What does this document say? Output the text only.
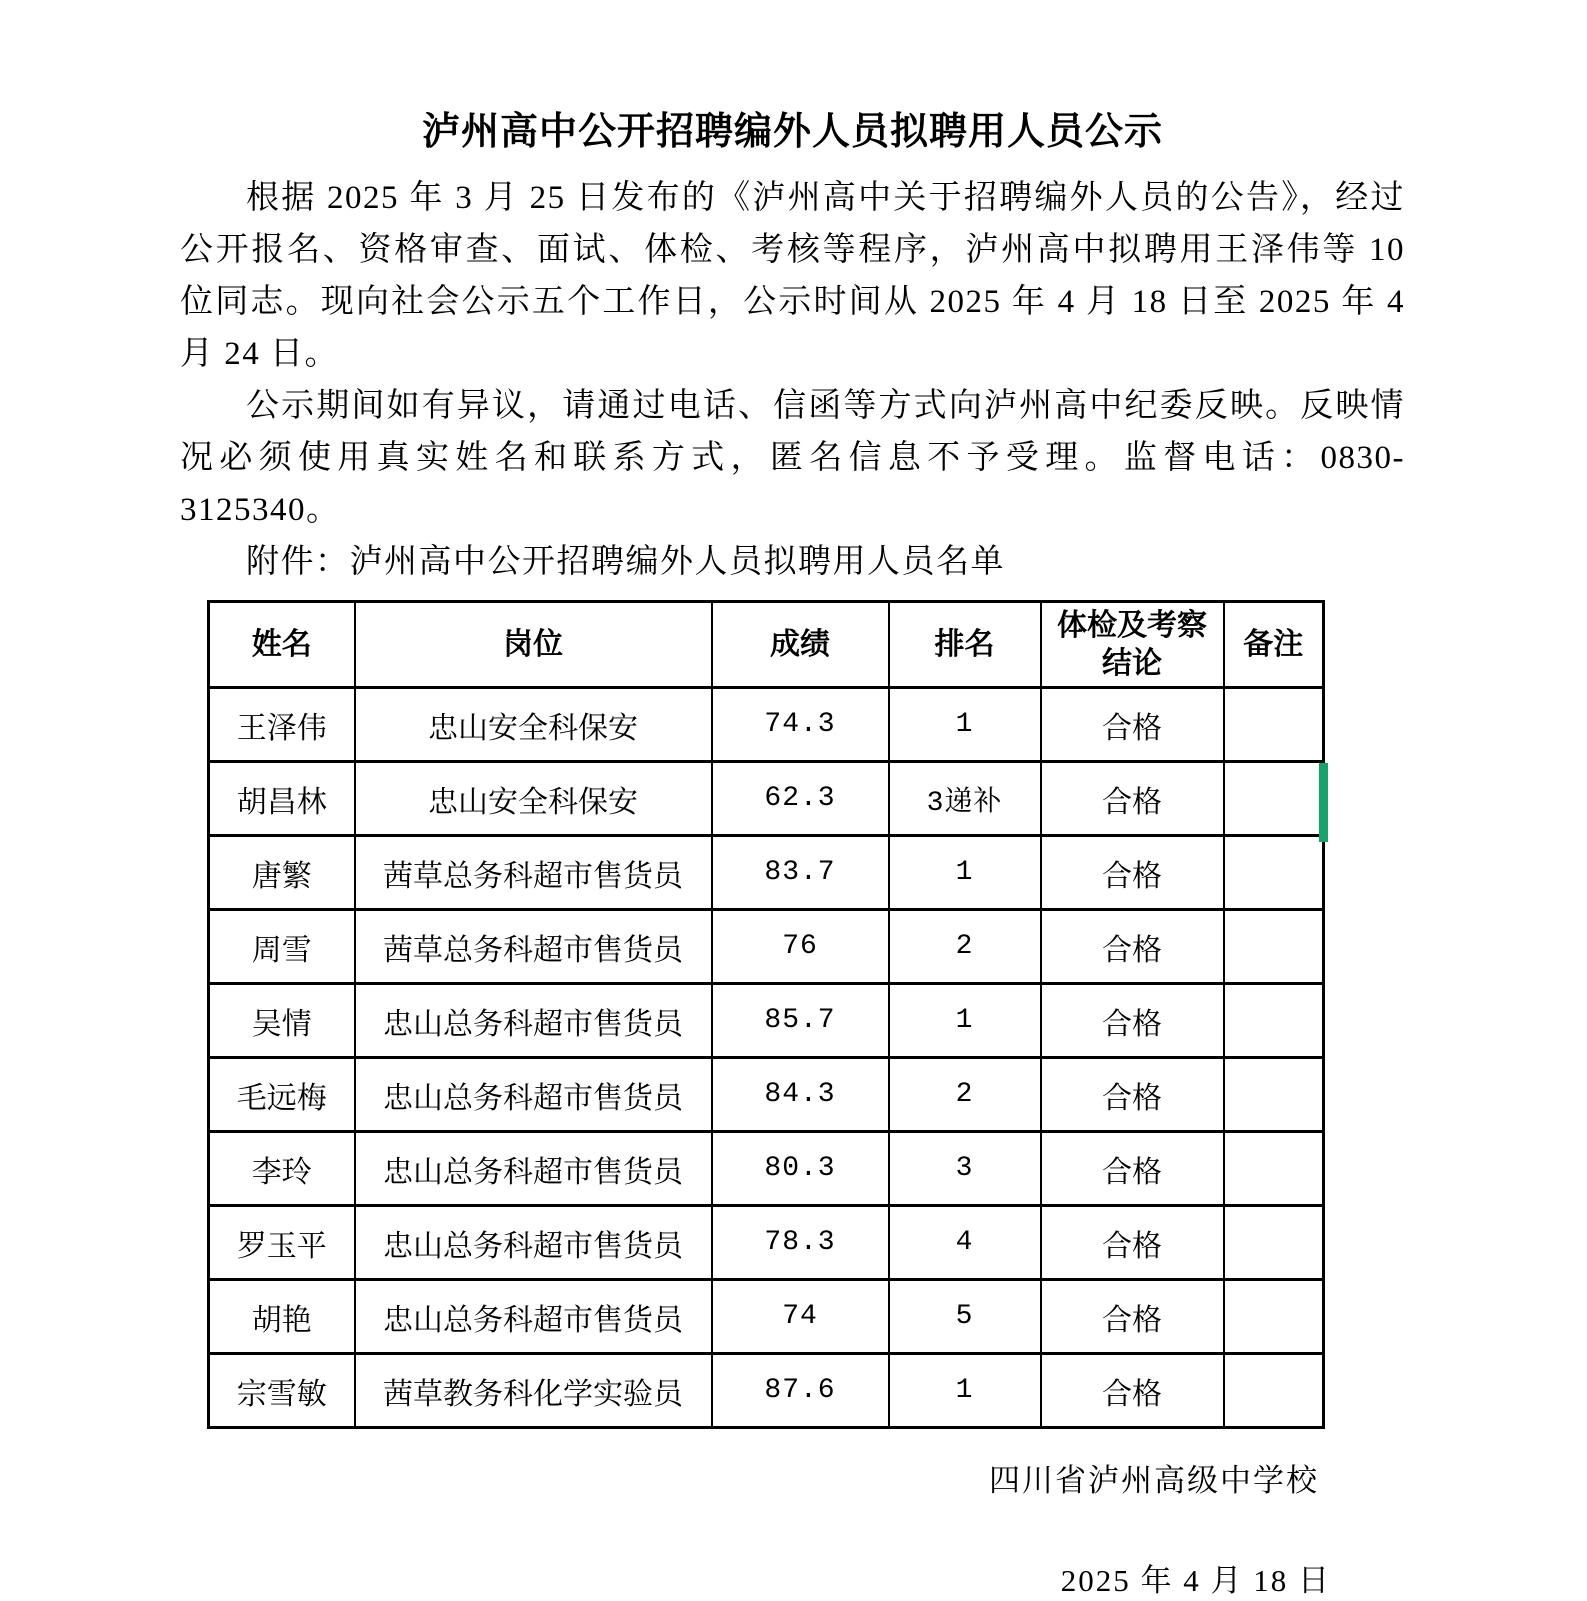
泸州高中公开招聘编外人员拟聘用人员公示

根据 2025 年 3 月 25 日发布的《泸州高中关于招聘编外人员的公告》，经过公开报名、资格审查、面试、体检、考核等程序，泸州高中拟聘用王泽伟等 10 位同志。现向社会公示五个工作日，公示时间从 2025 年 4 月 18 日至 2025 年 4 月 24 日。

公示期间如有异议，请通过电话、信函等方式向泸州高中纪委反映。反映情况必须使用真实姓名和联系方式，匿名信息不予受理。监督电话：0830-3125340。

附件：泸州高中公开招聘编外人员拟聘用人员名单

姓名	岗位	成绩	排名	体检及考察结论	备注
王泽伟	忠山安全科保安	74.3	1	合格	
胡昌林	忠山安全科保安	62.3	3递补	合格	
唐繁	茜草总务科超市售货员	83.7	1	合格	
周雪	茜草总务科超市售货员	76	2	合格	
吴情	忠山总务科超市售货员	85.7	1	合格	
毛远梅	忠山总务科超市售货员	84.3	2	合格	
李玲	忠山总务科超市售货员	80.3	3	合格	
罗玉平	忠山总务科超市售货员	78.3	4	合格	
胡艳	忠山总务科超市售货员	74	5	合格	
宗雪敏	茜草教务科化学实验员	87.6	1	合格	
四川省泸州高级中学校
2025 年 4 月 18 日
